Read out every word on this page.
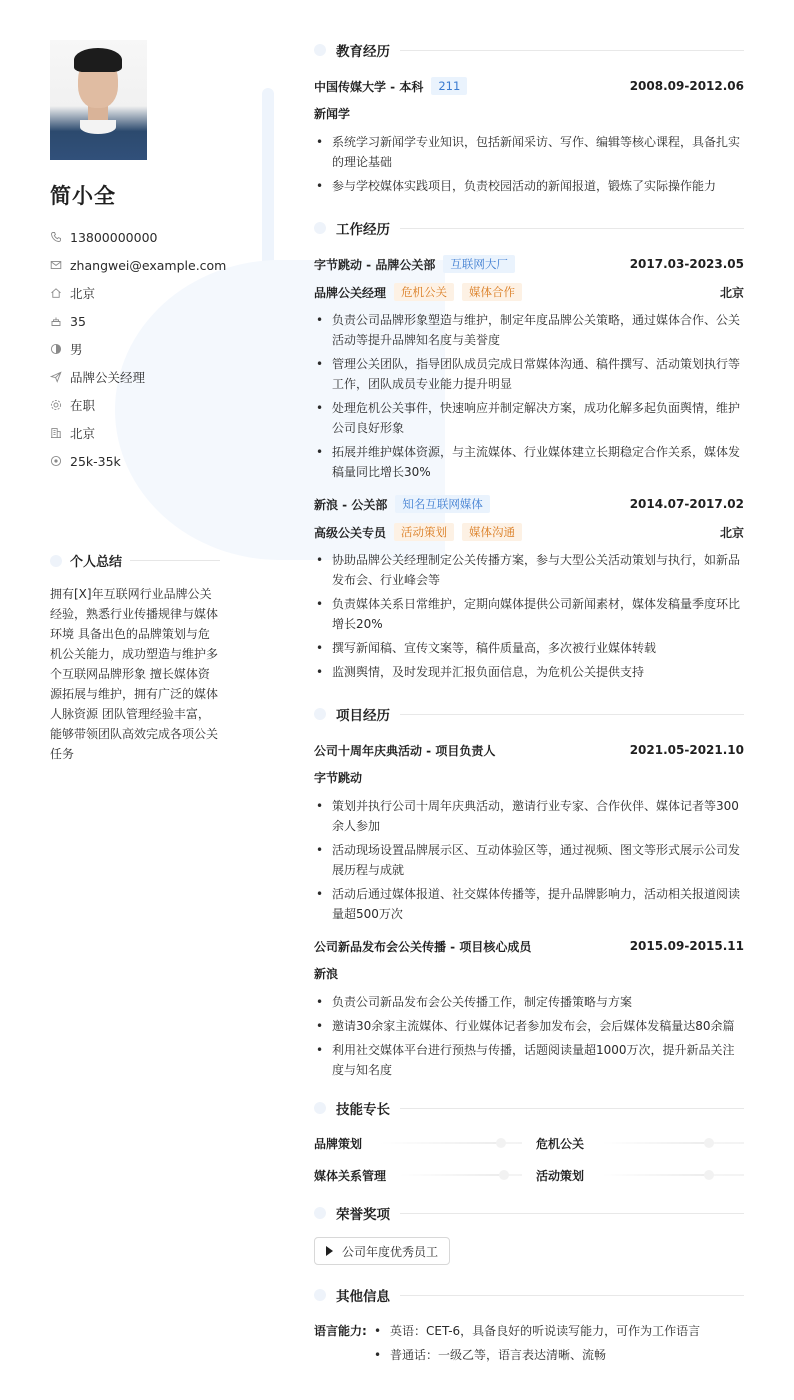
简小全
13800000000
zhangwei@example.com
北京
35
男
品牌公关经理
在职
北京
25k-35k
个人总结
拥有[X]年互联网行业品牌公关经验，熟悉行业传播规律与媒体环境 具备出色的品牌策划与危机公关能力，成功塑造与维护多个互联网品牌形象 擅长媒体资源拓展与维护，拥有广泛的媒体人脉资源 团队管理经验丰富，能够带领团队高效完成各项公关任务
教育经历
中国传媒大学 - 本科	211	2008.09-2012.06
新闻学
• 系统学习新闻学专业知识，包括新闻采访、写作、编辑等核心课程，具备扎实的理论基础
• 参与学校媒体实践项目，负责校园活动的新闻报道，锻炼了实际操作能力
工作经历
字节跳动 - 品牌公关部	互联网大厂	2017.03-2023.05
品牌公关经理	危机公关	媒体合作	北京
• 负责公司品牌形象塑造与维护，制定年度品牌公关策略，通过媒体合作、公关活动等提升品牌知名度与美誉度
• 管理公关团队，指导团队成员完成日常媒体沟通、稿件撰写、活动策划执行等工作，团队成员专业能力提升明显
• 处理危机公关事件，快速响应并制定解决方案，成功化解多起负面舆情，维护公司良好形象
• 拓展并维护媒体资源，与主流媒体、行业媒体建立长期稳定合作关系，媒体发稿量同比增长30%
新浪 - 公关部	知名互联网媒体	2014.07-2017.02
高级公关专员	活动策划	媒体沟通	北京
• 协助品牌公关经理制定公关传播方案，参与大型公关活动策划与执行，如新品发布会、行业峰会等
• 负责媒体关系日常维护，定期向媒体提供公司新闻素材，媒体发稿量季度环比增长20%
• 撰写新闻稿、宣传文案等，稿件质量高，多次被行业媒体转载
• 监测舆情，及时发现并汇报负面信息，为危机公关提供支持
项目经历
公司十周年庆典活动 - 项目负责人	2021.05-2021.10
字节跳动
• 策划并执行公司十周年庆典活动，邀请行业专家、合作伙伴、媒体记者等300余人参加
• 活动现场设置品牌展示区、互动体验区等，通过视频、图文等形式展示公司发展历程与成就
• 活动后通过媒体报道、社交媒体传播等，提升品牌影响力，活动相关报道阅读量超500万次
公司新品发布会公关传播 - 项目核心成员	2015.09-2015.11
新浪
• 负责公司新品发布会公关传播工作，制定传播策略与方案
• 邀请30余家主流媒体、行业媒体记者参加发布会，会后媒体发稿量达80余篇
• 利用社交媒体平台进行预热与传播，话题阅读量超1000万次，提升新品关注度与知名度
技能专长
品牌策划	危机公关
媒体关系管理	活动策划
荣誉奖项
公司年度优秀员工
其他信息
语言能力:
•	英语：CET-6，具备良好的听说读写能力，可作为工作语言
• 普通话：一级乙等，语言表达清晰、流畅
